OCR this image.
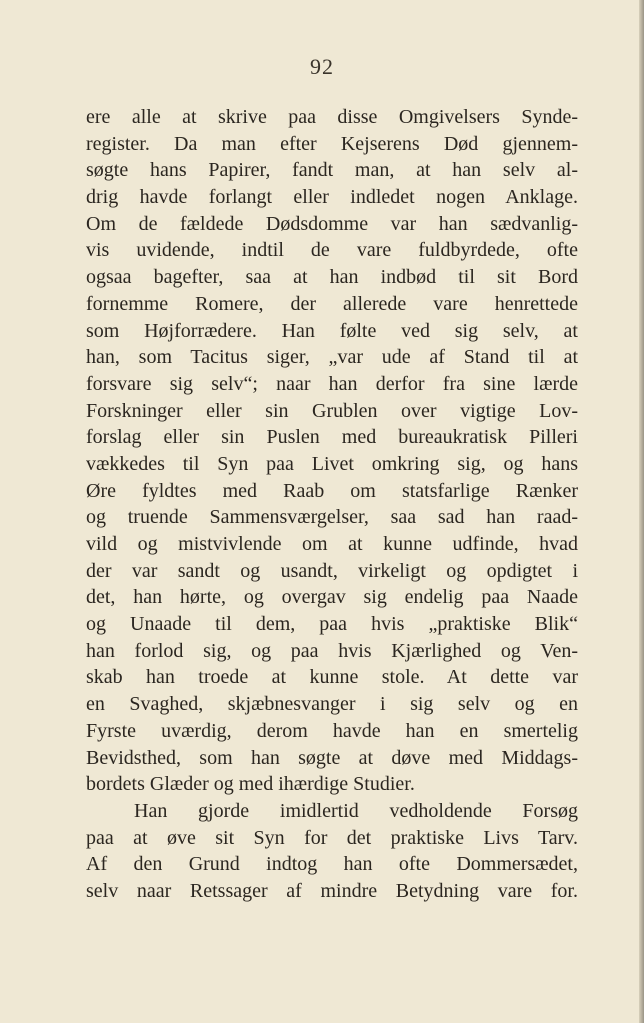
92
ere alle at skrive paa disse Omgivelsers Synde-
register. Da man efter Kejserens Død gjennem-
søgte hans Papirer, fandt man, at han selv al-
drig havde forlangt eller indledet nogen Anklage.
Om de fældede Dødsdomme var han sædvanlig-
vis uvidende, indtil de vare fuldbyrdede, ofte
ogsaa bagefter, saa at han indbød til sit Bord
fornemme Romere, der allerede vare henrettede
som Højforrædere. Han følte ved sig selv, at
han, som Tacitus siger, „var ude af Stand til at
forsvare sig selv“; naar han derfor fra sine lærde
Forskninger eller sin Grublen over vigtige Lov-
forslag eller sin Puslen med bureaukratisk Pilleri
vækkedes til Syn paa Livet omkring sig, og hans
Øre fyldtes med Raab om statsfarlige Rænker
og truende Sammensværgelser, saa sad han raad-
vild og mistvivlende om at kunne udfinde, hvad
der var sandt og usandt, virkeligt og opdigtet i
det, han hørte, og overgav sig endelig paa Naade
og Unaade til dem, paa hvis „praktiske Blik“
han forlod sig, og paa hvis Kjærlighed og Ven-
skab han troede at kunne stole. At dette var
en Svaghed, skjæbnesvanger i sig selv og en
Fyrste uværdig, derom havde han en smertelig
Bevidsthed, som han søgte at døve med Middags-
bordets Glæder og med ihærdige Studier.
Han gjorde imidlertid vedholdende Forsøg
paa at øve sit Syn for det praktiske Livs Tarv.
Af den Grund indtog han ofte Dommersædet,
selv naar Retssager af mindre Betydning vare for.
